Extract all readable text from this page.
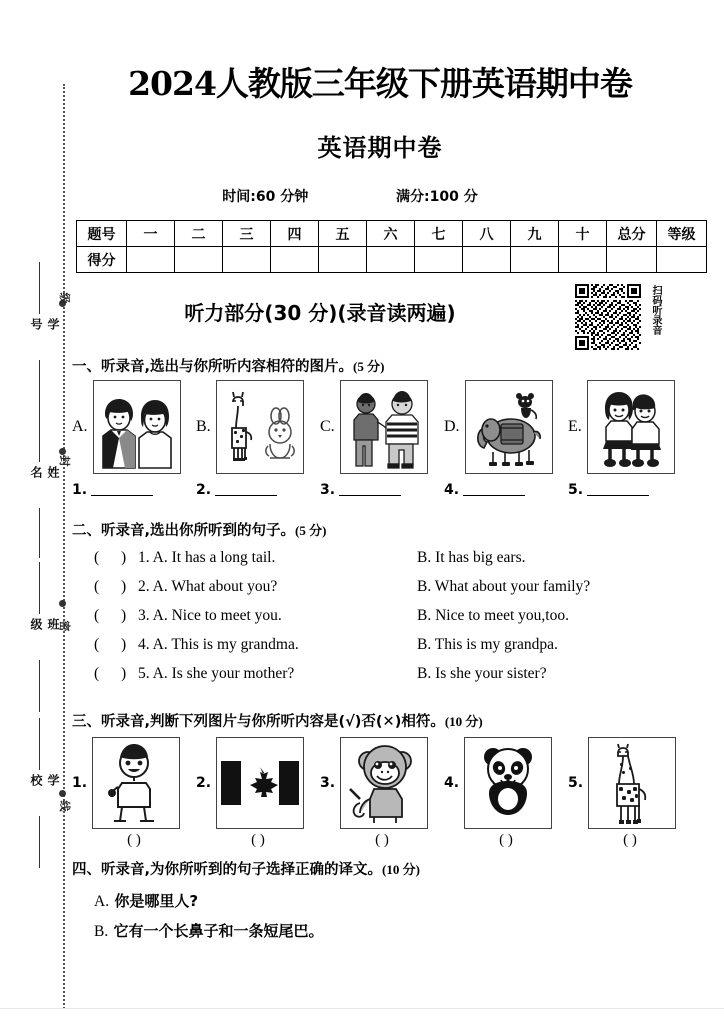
级
封
密
线
学号
姓名
班级
学校
2024人教版三年级下册英语期中卷
英语期中卷
时间:60 分钟	满分:100 分
题号	一	二	三	四	五	六	七	八	九	十	总分	等级
得分												
听力部分(30 分)(录音读两遍)	扫码听录音
一、听录音,选出与你所听内容相符的图片。(5 分)
A.	B.	C.	D.	E.
1.	2.	3.	4.	5.
二、听录音,选出你所听到的句子。(5 分)
( ) 1. A. It has a long tail.	B. It has big ears.
( ) 2. A. What about you?	B. What about your family?
( ) 3. A. Nice to meet you.	B. Nice to meet you,too.
( ) 4. A. This is my grandma.	B. This is my grandpa.
( ) 5. A. Is she your mother?	B. Is she your sister?
三、听录音,判断下列图片与你所听内容是(√)否(✕)相符。(10 分)
1.	2.	3.	4.	5.
( )	( )	( )	( )	( )
四、听录音,为你所听到的句子选择正确的译文。(10 分)
A. 你是哪里人?
B. 它有一个长鼻子和一条短尾巴。
